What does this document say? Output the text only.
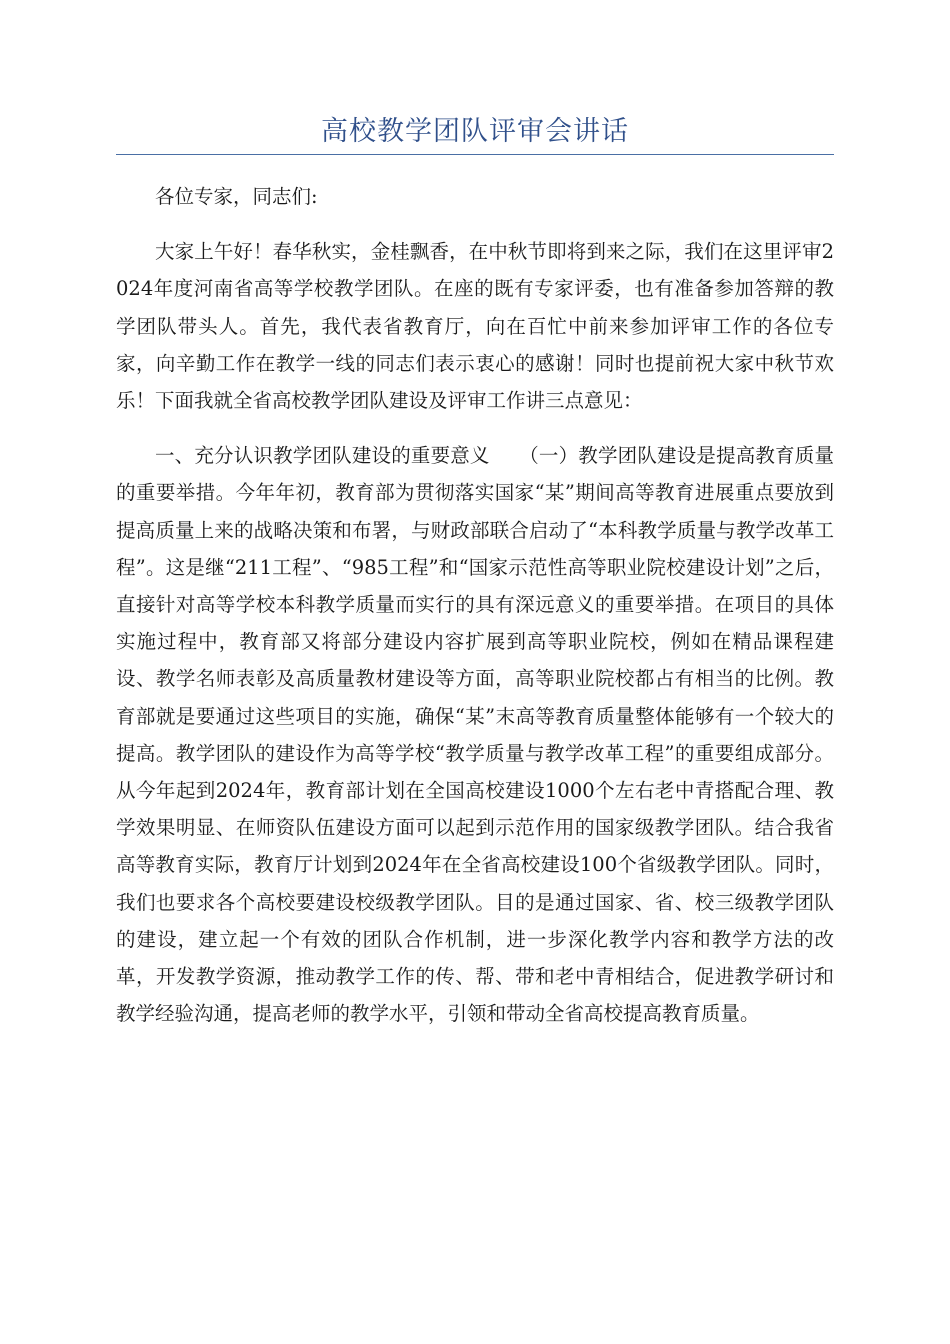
高校教学团队评审会讲话

各位专家，同志们:

大家上午好！春华秋实，金桂飘香，在中秋节即将到来之际，我们在这里评审2024年度河南省高等学校教学团队。在座的既有专家评委，也有准备参加答辩的教学团队带头人。首先，我代表省教育厅，向在百忙中前来参加评审工作的各位专家，向辛勤工作在教学一线的同志们表示衷心的感谢！同时也提前祝大家中秋节欢乐！下面我就全省高校教学团队建设及评审工作讲三点意见：

一、充分认识教学团队建设的重要意义　　（一）教学团队建设是提高教育质量的重要举措。今年年初，教育部为贯彻落实国家“某”期间高等教育进展重点要放到提高质量上来的战略决策和布署，与财政部联合启动了“本科教学质量与教学改革工程”。这是继“211工程”、“985工程”和“国家示范性高等职业院校建设计划”之后，直接针对高等学校本科教学质量而实行的具有深远意义的重要举措。在项目的具体实施过程中，教育部又将部分建设内容扩展到高等职业院校，例如在精品课程建设、教学名师表彰及高质量教材建设等方面，高等职业院校都占有相当的比例。教育部就是要通过这些项目的实施，确保“某”末高等教育质量整体能够有一个较大的提高。教学团队的建设作为高等学校“教学质量与教学改革工程”的重要组成部分。从今年起到2024年，教育部计划在全国高校建设1000个左右老中青搭配合理、教学效果明显、在师资队伍建设方面可以起到示范作用的国家级教学团队。结合我省高等教育实际，教育厅计划到2024年在全省高校建设100个省级教学团队。同时，我们也要求各个高校要建设校级教学团队。目的是通过国家、省、校三级教学团队的建设，建立起一个有效的团队合作机制，进一步深化教学内容和教学方法的改革，开发教学资源，推动教学工作的传、帮、带和老中青相结合，促进教学研讨和教学经验沟通，提高老师的教学水平，引领和带动全省高校提高教育质量。
